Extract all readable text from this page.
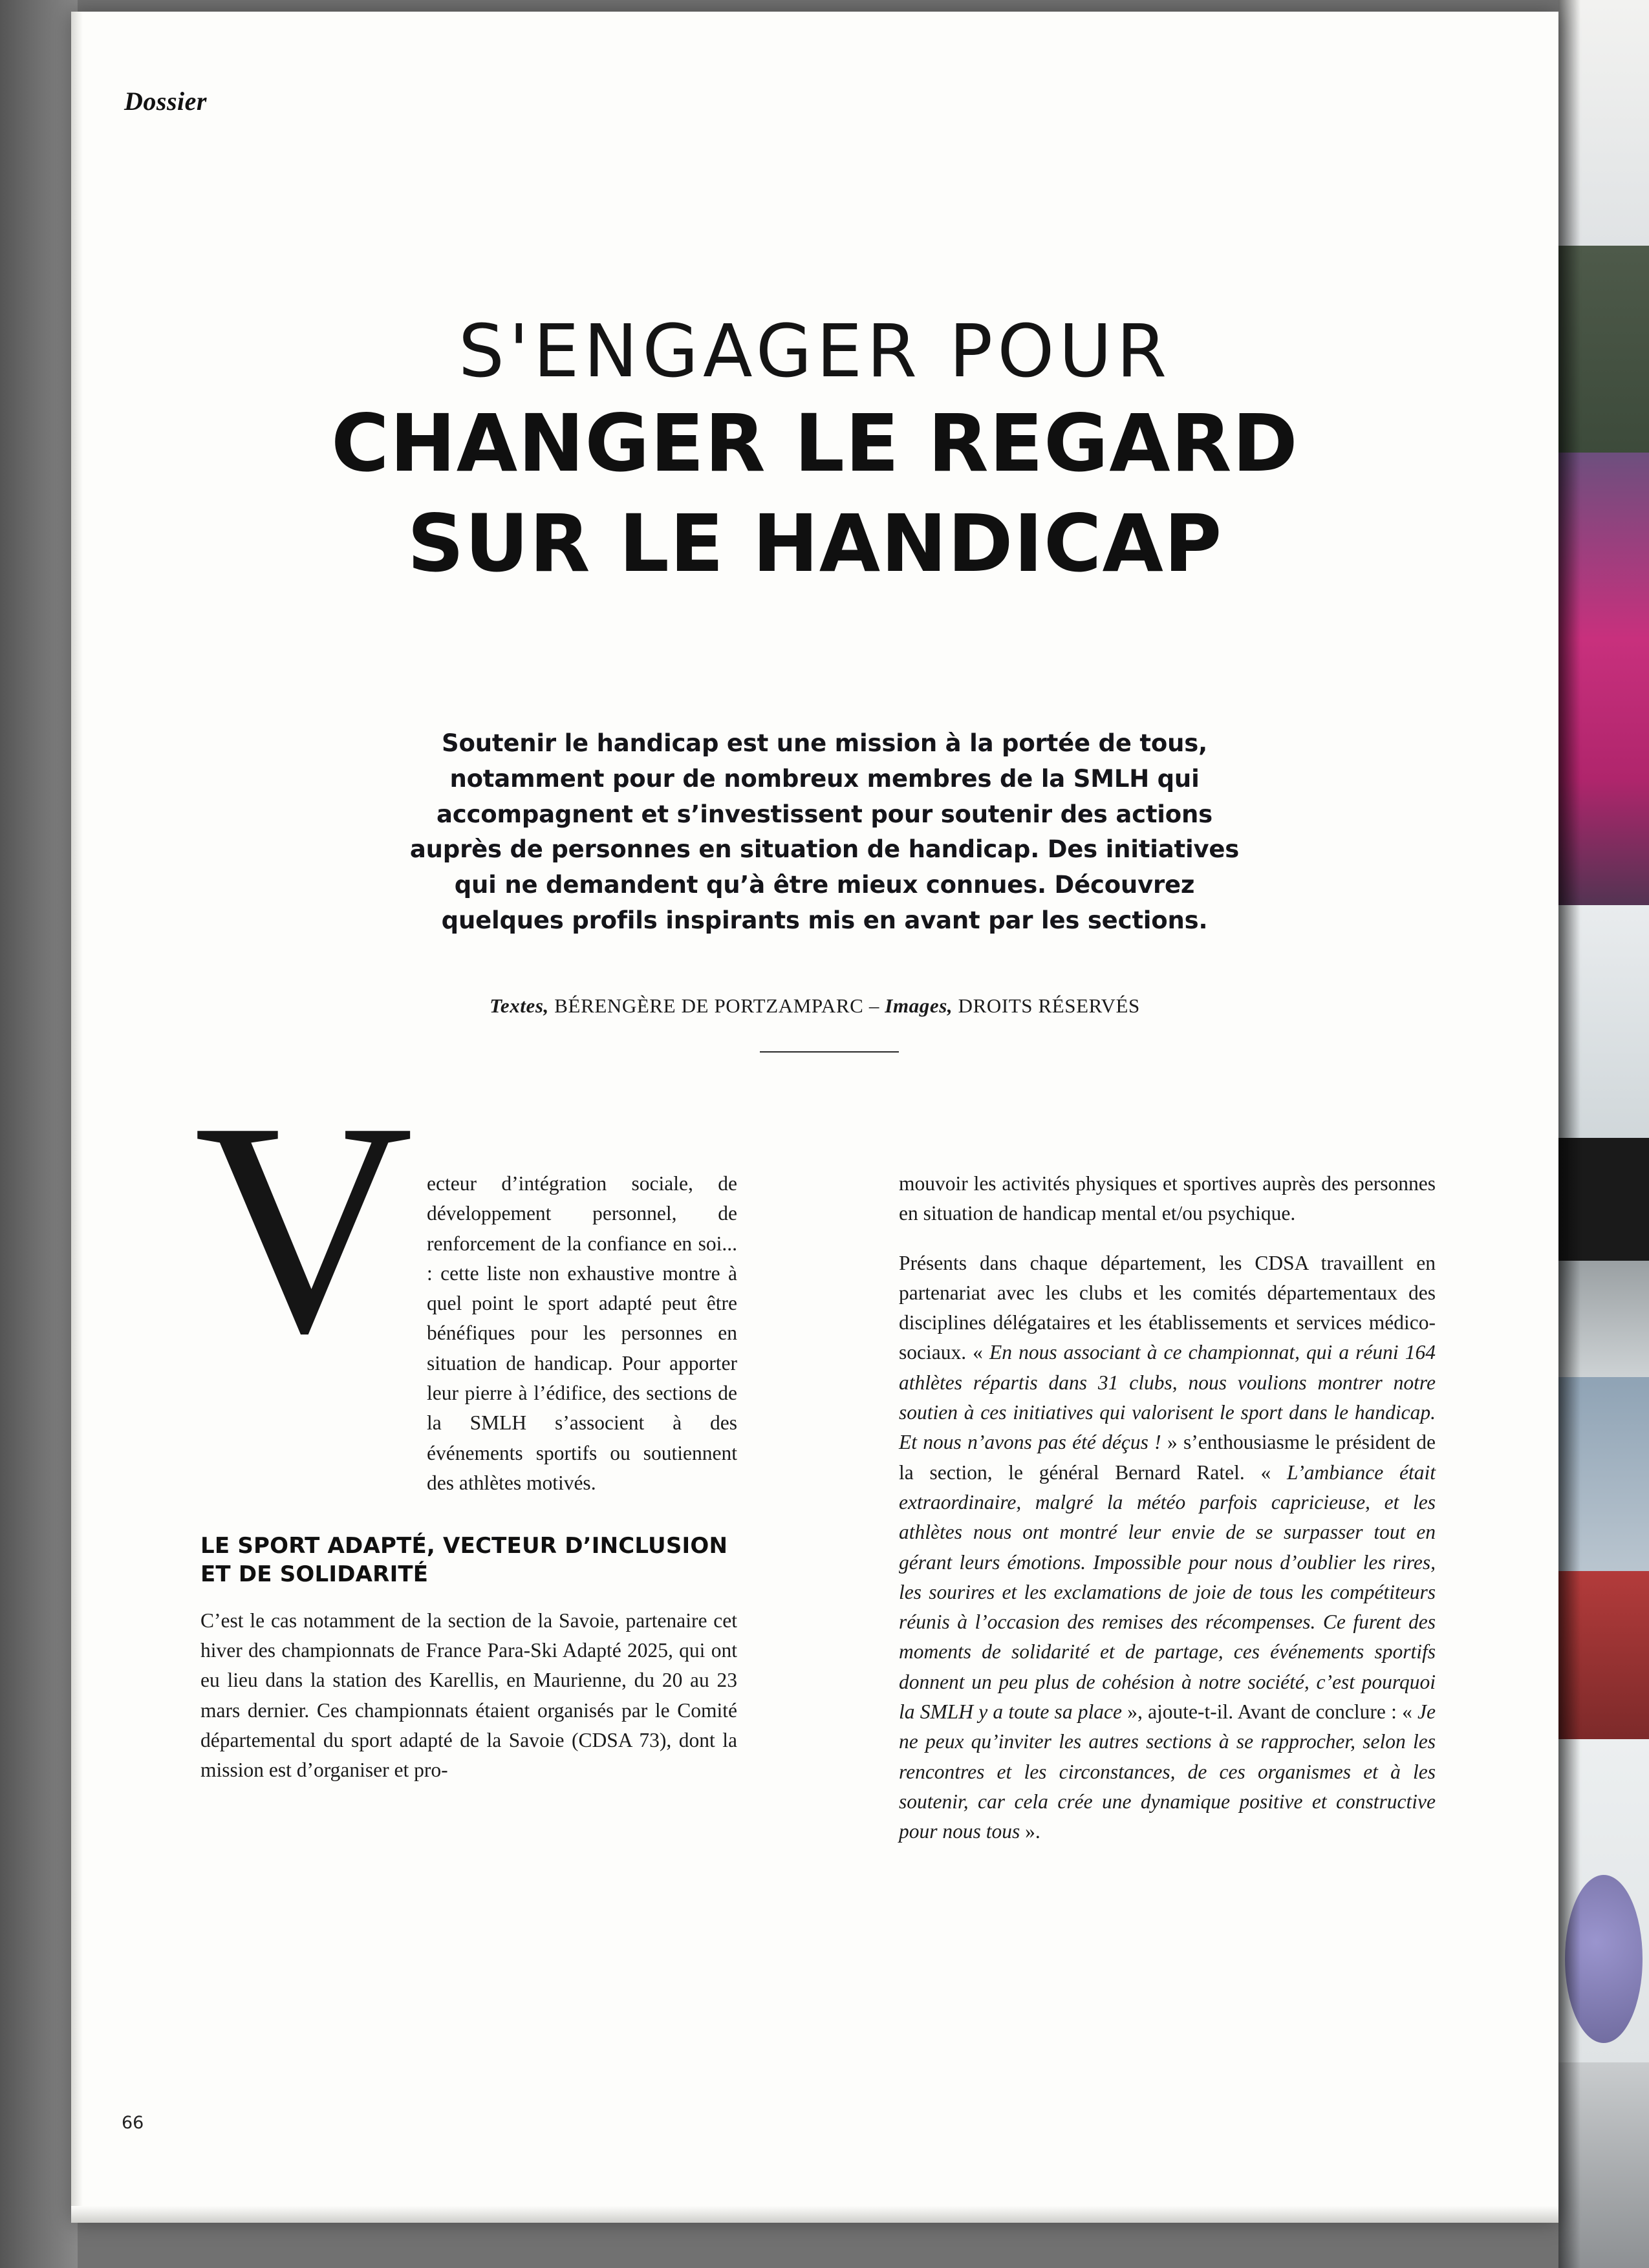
Dossier
S'ENGAGER POUR
CHANGER LE REGARD
SUR LE HANDICAP
Soutenir le handicap est une mission à la portée de tous, notamment pour de nombreux membres de la SMLH qui accompagnent et s’investissent pour soutenir des actions auprès de personnes en situation de handicap. Des initiatives qui ne demandent qu’à être mieux connues. Découvrez quelques profils inspirants mis en avant par les sections.
Textes, BÉRENGÈRE DE PORTZAMPARC – Images, DROITS RÉSERVÉS
V ecteur d’intégration sociale, de développement personnel, de renforcement de la confiance en soi... : cette liste non exhaustive montre à quel point le sport adapté peut être bénéfiques pour les personnes en situation de handicap. Pour apporter leur pierre à l’édifice, des sections de la SMLH s’associent à des événements sportifs ou soutiennent des athlètes motivés.
LE SPORT ADAPTÉ, VECTEUR D’INCLUSION ET DE SOLIDARITÉ
C’est le cas notamment de la section de la Savoie, partenaire cet hiver des championnats de France Para-Ski Adapté 2025, qui ont eu lieu dans la station des Karellis, en Maurienne, du 20 au 23 mars dernier. Ces championnats étaient organisés par le Comité départemental du sport adapté de la Savoie (CDSA 73), dont la mission est d’organiser et pro-
mouvoir les activités physiques et sportives auprès des personnes en situation de handicap mental et/ou psychique.
Présents dans chaque département, les CDSA travaillent en partenariat avec les clubs et les comités départementaux des disciplines délégataires et les établissements et services médico-sociaux. « En nous associant à ce championnat, qui a réuni 164 athlètes répartis dans 31 clubs, nous voulions montrer notre soutien à ces initiatives qui valorisent le sport dans le handicap. Et nous n’avons pas été déçus ! » s’enthousiasme le président de la section, le général Bernard Ratel. « L’ambiance était extraordinaire, malgré la météo parfois capricieuse, et les athlètes nous ont montré leur envie de se surpasser tout en gérant leurs émotions. Impossible pour nous d’oublier les rires, les sourires et les exclamations de joie de tous les compétiteurs réunis à l’occasion des remises des récompenses. Ce furent des moments de solidarité et de partage, ces événements sportifs donnent un peu plus de cohésion à notre société, c’est pourquoi la SMLH y a toute sa place », ajoute-t-il. Avant de conclure : « Je ne peux qu’inviter les autres sections à se rapprocher, selon les rencontres et les circonstances, de ces organismes et à les soutenir, car cela crée une dynamique positive et constructive pour nous tous ».
66
